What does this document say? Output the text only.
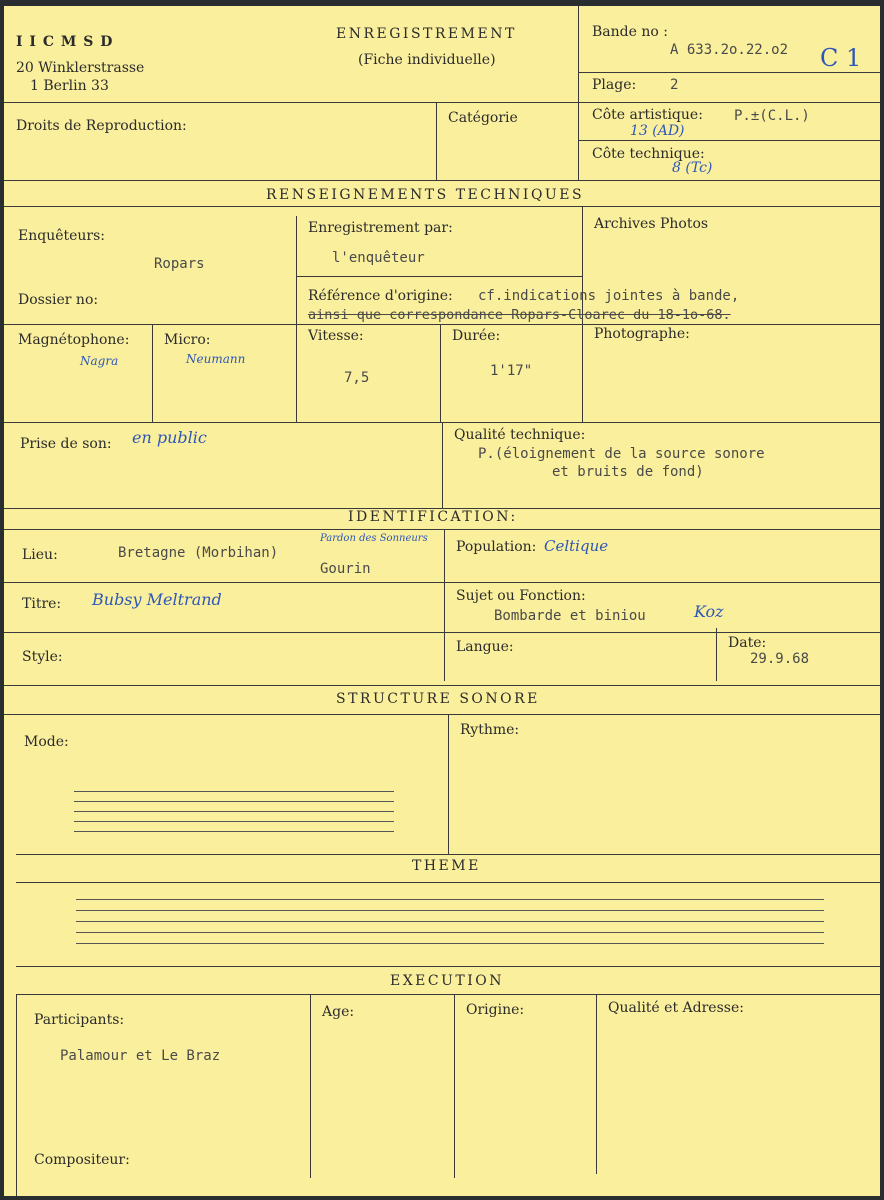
I I C M S D
20 Winklerstrasse
1 Berlin 33
ENREGISTREMENT
(Fiche individuelle)
Bande no :
A 633.2o.22.o2 C 1
Plage: 2
Droits de Reproduction:	Catégorie	Côte artistique: P.±(C.L.)
13 (AD)
Côte technique:
8 (Tc)
RENSEIGNEMENTS TECHNIQUES
Enquêteurs:
Ropars
Enregistrement par:
l'enquêteur
Archives Photos
Dossier no:	Référence d'origine: cf.indications jointes à bande,
ainsi que correspondance Ropars-Cloarec du 18-1o-68.
Magnétophone:
Nagra
Micro:
Neumann
Vitesse:
7,5
Durée:
1'17"
Photographe:
Prise de son: en public	Qualité technique:
P.(éloignement de la source sonore
et bruits de fond)
IDENTIFICATION:
Lieu:	Bretagne (Morbihan)
Pardon des Sonneurs
Gourin
Population: Celtique
Titre: Bubsy Meltrand	Sujet ou Fonction:
Bombarde et biniou	Koz
Style:
Langue:	Date:
29.9.68
STRUCTURE SONORE
Mode:
Rythme:
THEME
EXECUTION
Participants:
Palamour et Le Braz
Age:	Origine:	Qualité et Adresse:
Compositeur:
